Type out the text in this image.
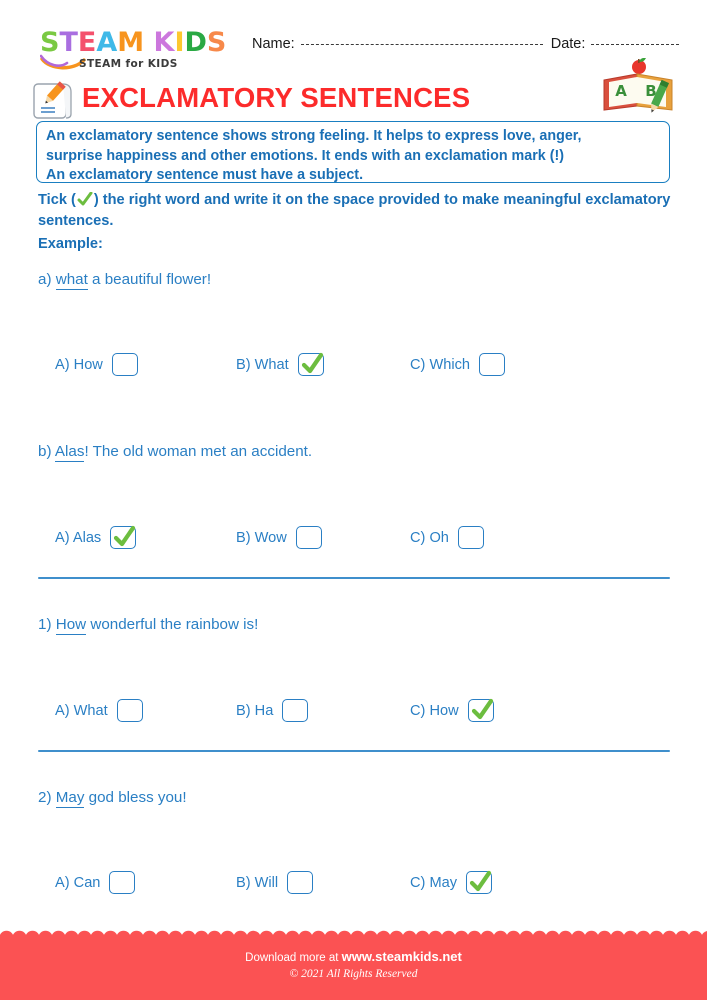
STEAM KIDS
STEAM for KIDS
Name:	Date:
EXCLAMATORY SENTENCES	A B

An exclamatory sentence shows strong feeling. It helps to express love, anger,

surprise happiness and other emotions. It ends with an exclamation mark (!)

An exclamatory sentence must have a subject.

Tick ( ) the right word and write it on the space provided to make meaningful exclamatory sentences.
Example:
a) what a beautiful flower!
A) How	B) What	C) Which
b) Alas! The old woman met an accident.
A) Alas	B) Wow	C) Oh
1) How wonderful the rainbow is!
A) What	B) Ha	C) How
2) May god bless you!
A) Can	B) Will	C) May
Download more at www.steamkids.net
© 2021 All Rights Reserved
